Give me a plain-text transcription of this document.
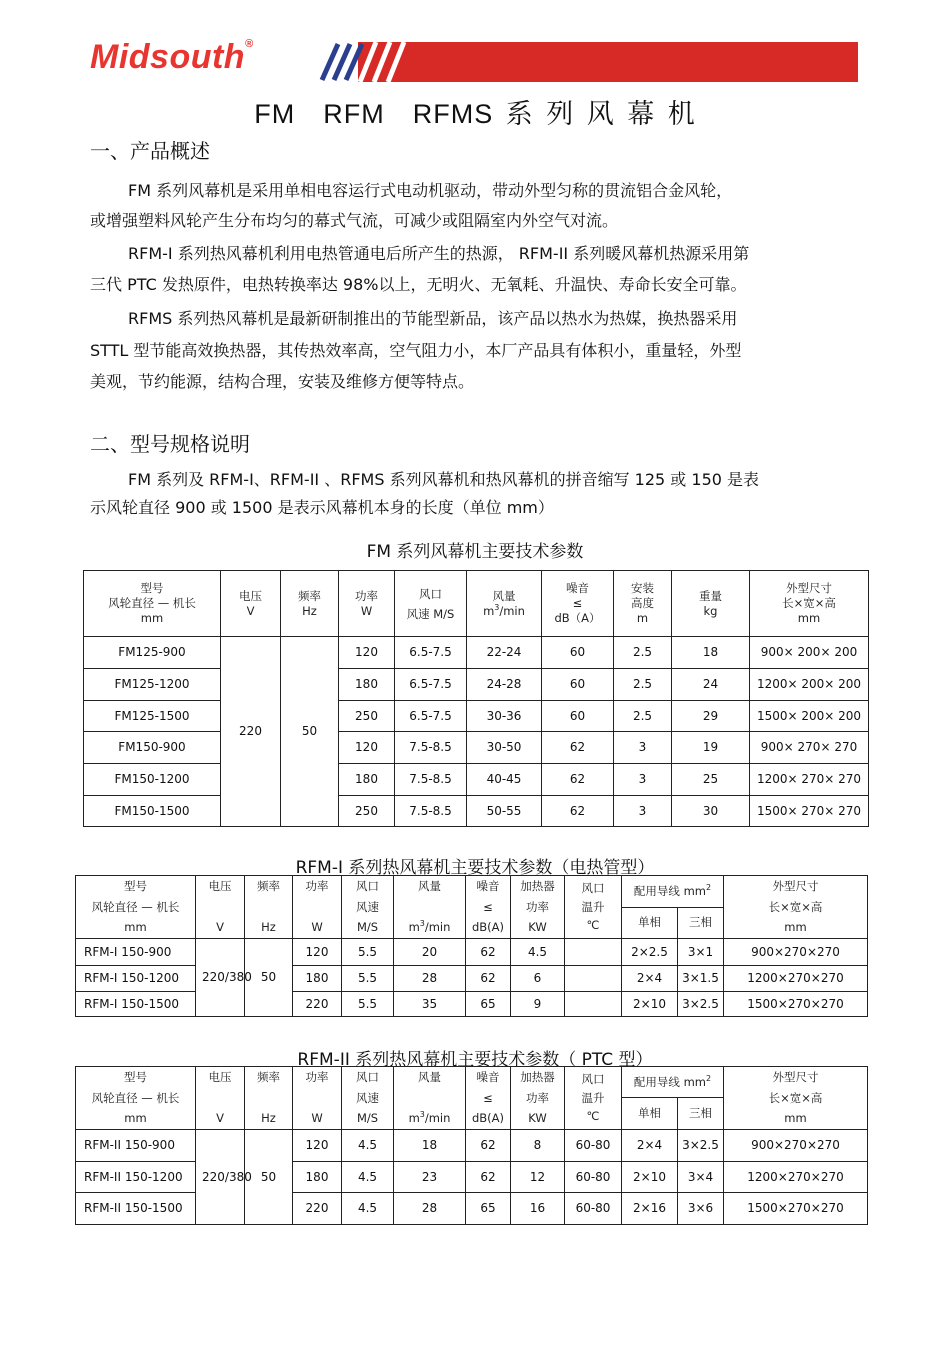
Midsouth®
FM　RFM　RFMS 系 列 风 幕 机
一、产品概述
FM 系列风幕机是采用单相电容运行式电动机驱动，带动外型匀称的贯流铝合金风轮，
或增强塑料风轮产生分布均匀的幕式气流，可减少或阻隔室内外空气对流。
RFM-I 系列热风幕机利用电热管通电后所产生的热源， RFM-II 系列暖风幕机热源采用第
三代 PTC 发热原件，电热转换率达 98%以上，无明火、无氧耗、升温快、寿命长安全可靠。
RFMS 系列热风幕机是最新研制推出的节能型新品，该产品以热水为热媒，换热器采用
STTL 型节能高效换热器，其传热效率高，空气阻力小，本厂产品具有体积小，重量轻，外型
美观，节约能源，结构合理，安装及维修方便等特点。
二、型号规格说明
FM 系列及 RFM-I、RFM-II 、RFMS 系列风幕机和热风幕机的拼音缩写 125 或 150 是表
示风轮直径 900 或 1500 是表示风幕机本身的长度（单位 mm）
FM 系列风幕机主要技术参数
型号
风轮直径 — 机长
mm	电压
V	频率
Hz	功率
W	风口
风速 M/S	风量
$m^3/\min$	噪音
≤
dB（A）	安装
高度
m	重量
kg	外型尺寸
长×宽×高
mm

FM125-900	220	50	120	6.5-7.5	22-24	60	2.5	18	900× 200× 200
FM125-1200			180	6.5-7.5	24-28	60	2.5	24	1200× 200× 200
FM125-1500			250	6.5-7.5	30-36	60	2.5	29	1500× 200× 200
FM150-900			120	7.5-8.5	30-50	62	3	19	900× 270× 270
FM150-1200			180	7.5-8.5	40-45	62	3	25	1200× 270× 270
FM150-1500			250	7.5-8.5	50-55	62	3	30	1500× 270× 270
RFM-I 系列热风幕机主要技术参数（电热管型）
型号
风轮直径 — 机长
mm	电压
V	频率
Hz	功率
W	风口
风速
M/S	风量
$m^3/\min$	噪音
≤
dB(A)	加热器
功率
KW	风口
温升
℃	配用导线 $mm^2$		外型尺寸
长×宽×高
mm

									单相	三相	
RFM-I 150-900	220/380	50	120	5.5	20	62	4.5		2×2.5	3×1	900×270×270
RFM-I 150-1200			180	5.5	28	62	6		2×4	3×1.5	1200×270×270
RFM-I 150-1500			220	5.5	35	65	9		2×10	3×2.5	1500×270×270
RFM-II 系列热风幕机主要技术参数（ PTC 型）
型号
风轮直径 — 机长
mm	电压
V	频率
Hz	功率
W	风口
风速
M/S	风量
$m^3/\min$	噪音
≤
dB(A)	加热器
功率
KW	风口
温升
℃	配用导线 $mm^2$		外型尺寸
长×宽×高
mm

									单相	三相	
RFM-II 150-900	220/380	50	120	4.5	18	62	8	60-80	2×4	3×2.5	900×270×270
RFM-II 150-1200			180	4.5	23	62	12	60-80	2×10	3×4	1200×270×270
RFM-II 150-1500			220	4.5	28	65	16	60-80	2×16	3×6	1500×270×270
